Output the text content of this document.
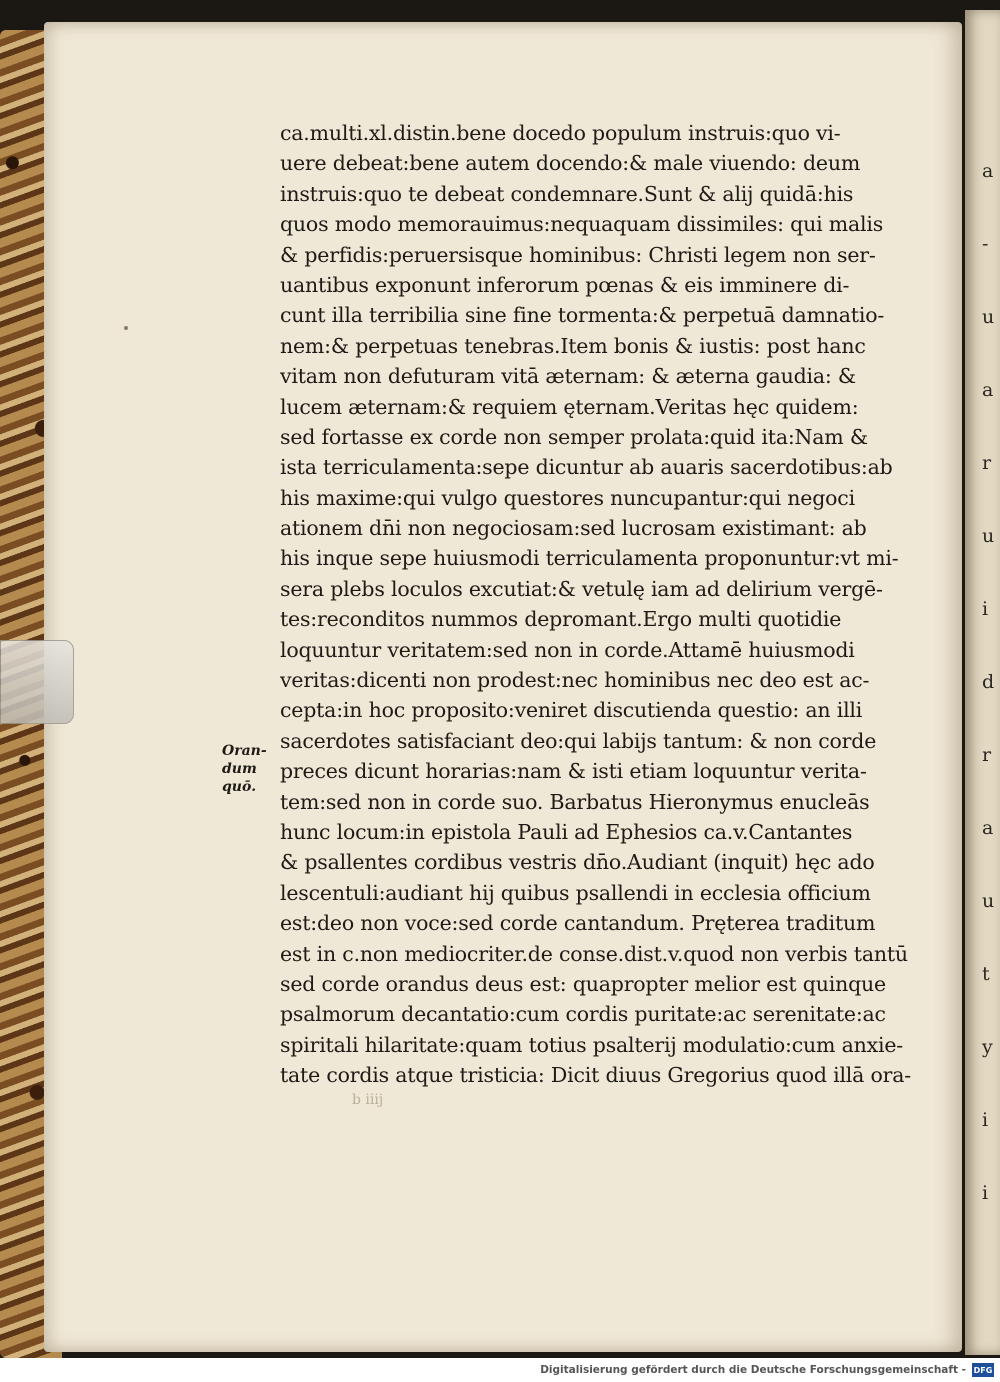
a
-
u
a
r
u
i
d
r
a
u
t
y
i
i
Oran-
dum
quō.
ca.multi.xl.distin.bene docedo populum instruis:quo vi-
uere debeat:bene autem docendo:& male viuendo: deum
instruis:quo te debeat condemnare.Sunt & alij quidā:his
quos modo memorauimus:nequaquam dissimiles: qui malis
& perfidis:peruersisque hominibus: Christi legem non ser-
uantibus exponunt inferorum pœnas & eis imminere di-
cunt illa terribilia sine fine tormenta:& perpetuā damnatio-
nem:& perpetuas tenebras.Item bonis & iustis: post hanc
vitam non defuturam vitā æternam: & æterna gaudia: &
lucem æternam:& requiem ęternam.Veritas hęc quidem:
sed fortasse ex corde non semper prolata:quid ita:Nam &
ista terriculamenta:sepe dicuntur ab auaris sacerdotibus:ab
his maxime:qui vulgo questores nuncupantur:qui negoci
ationem dn̄i non negociosam:sed lucrosam existimant: ab
his inque sepe huiusmodi terriculamenta proponuntur:vt mi-
sera plebs loculos excutiat:& vetulę iam ad delirium vergē-
tes:reconditos nummos depromant.Ergo multi quotidie
loquuntur veritatem:sed non in corde.Attamē huiusmodi
veritas:dicenti non prodest:nec hominibus nec deo est ac-
cepta:in hoc proposito:veniret discutienda questio: an illi
sacerdotes satisfaciant deo:qui labijs tantum: & non corde
preces dicunt horarias:nam & isti etiam loquuntur verita-
tem:sed non in corde suo. Barbatus Hieronymus enucleās
hunc locum:in epistola Pauli ad Ephesios ca.v.Cantantes
& psallentes cordibus vestris dn̄o.Audiant (inquit) hęc ado
lescentuli:audiant hij quibus psallendi in ecclesia officium
est:deo non voce:sed corde cantandum. Pręterea traditum
est in c.non mediocriter.de conse.dist.v.quod non verbis tantū
sed corde orandus deus est: quapropter melior est quinque
psalmorum decantatio:cum cordis puritate:ac serenitate:ac
spiritali hilaritate:quam totius psalterij modulatio:cum anxie-
tate cordis atque tristicia: Dicit diuus Gregorius quod illā ora-
b iiij
Digitalisierung gefördert durch die Deutsche Forschungsgemeinschaft - DFG
